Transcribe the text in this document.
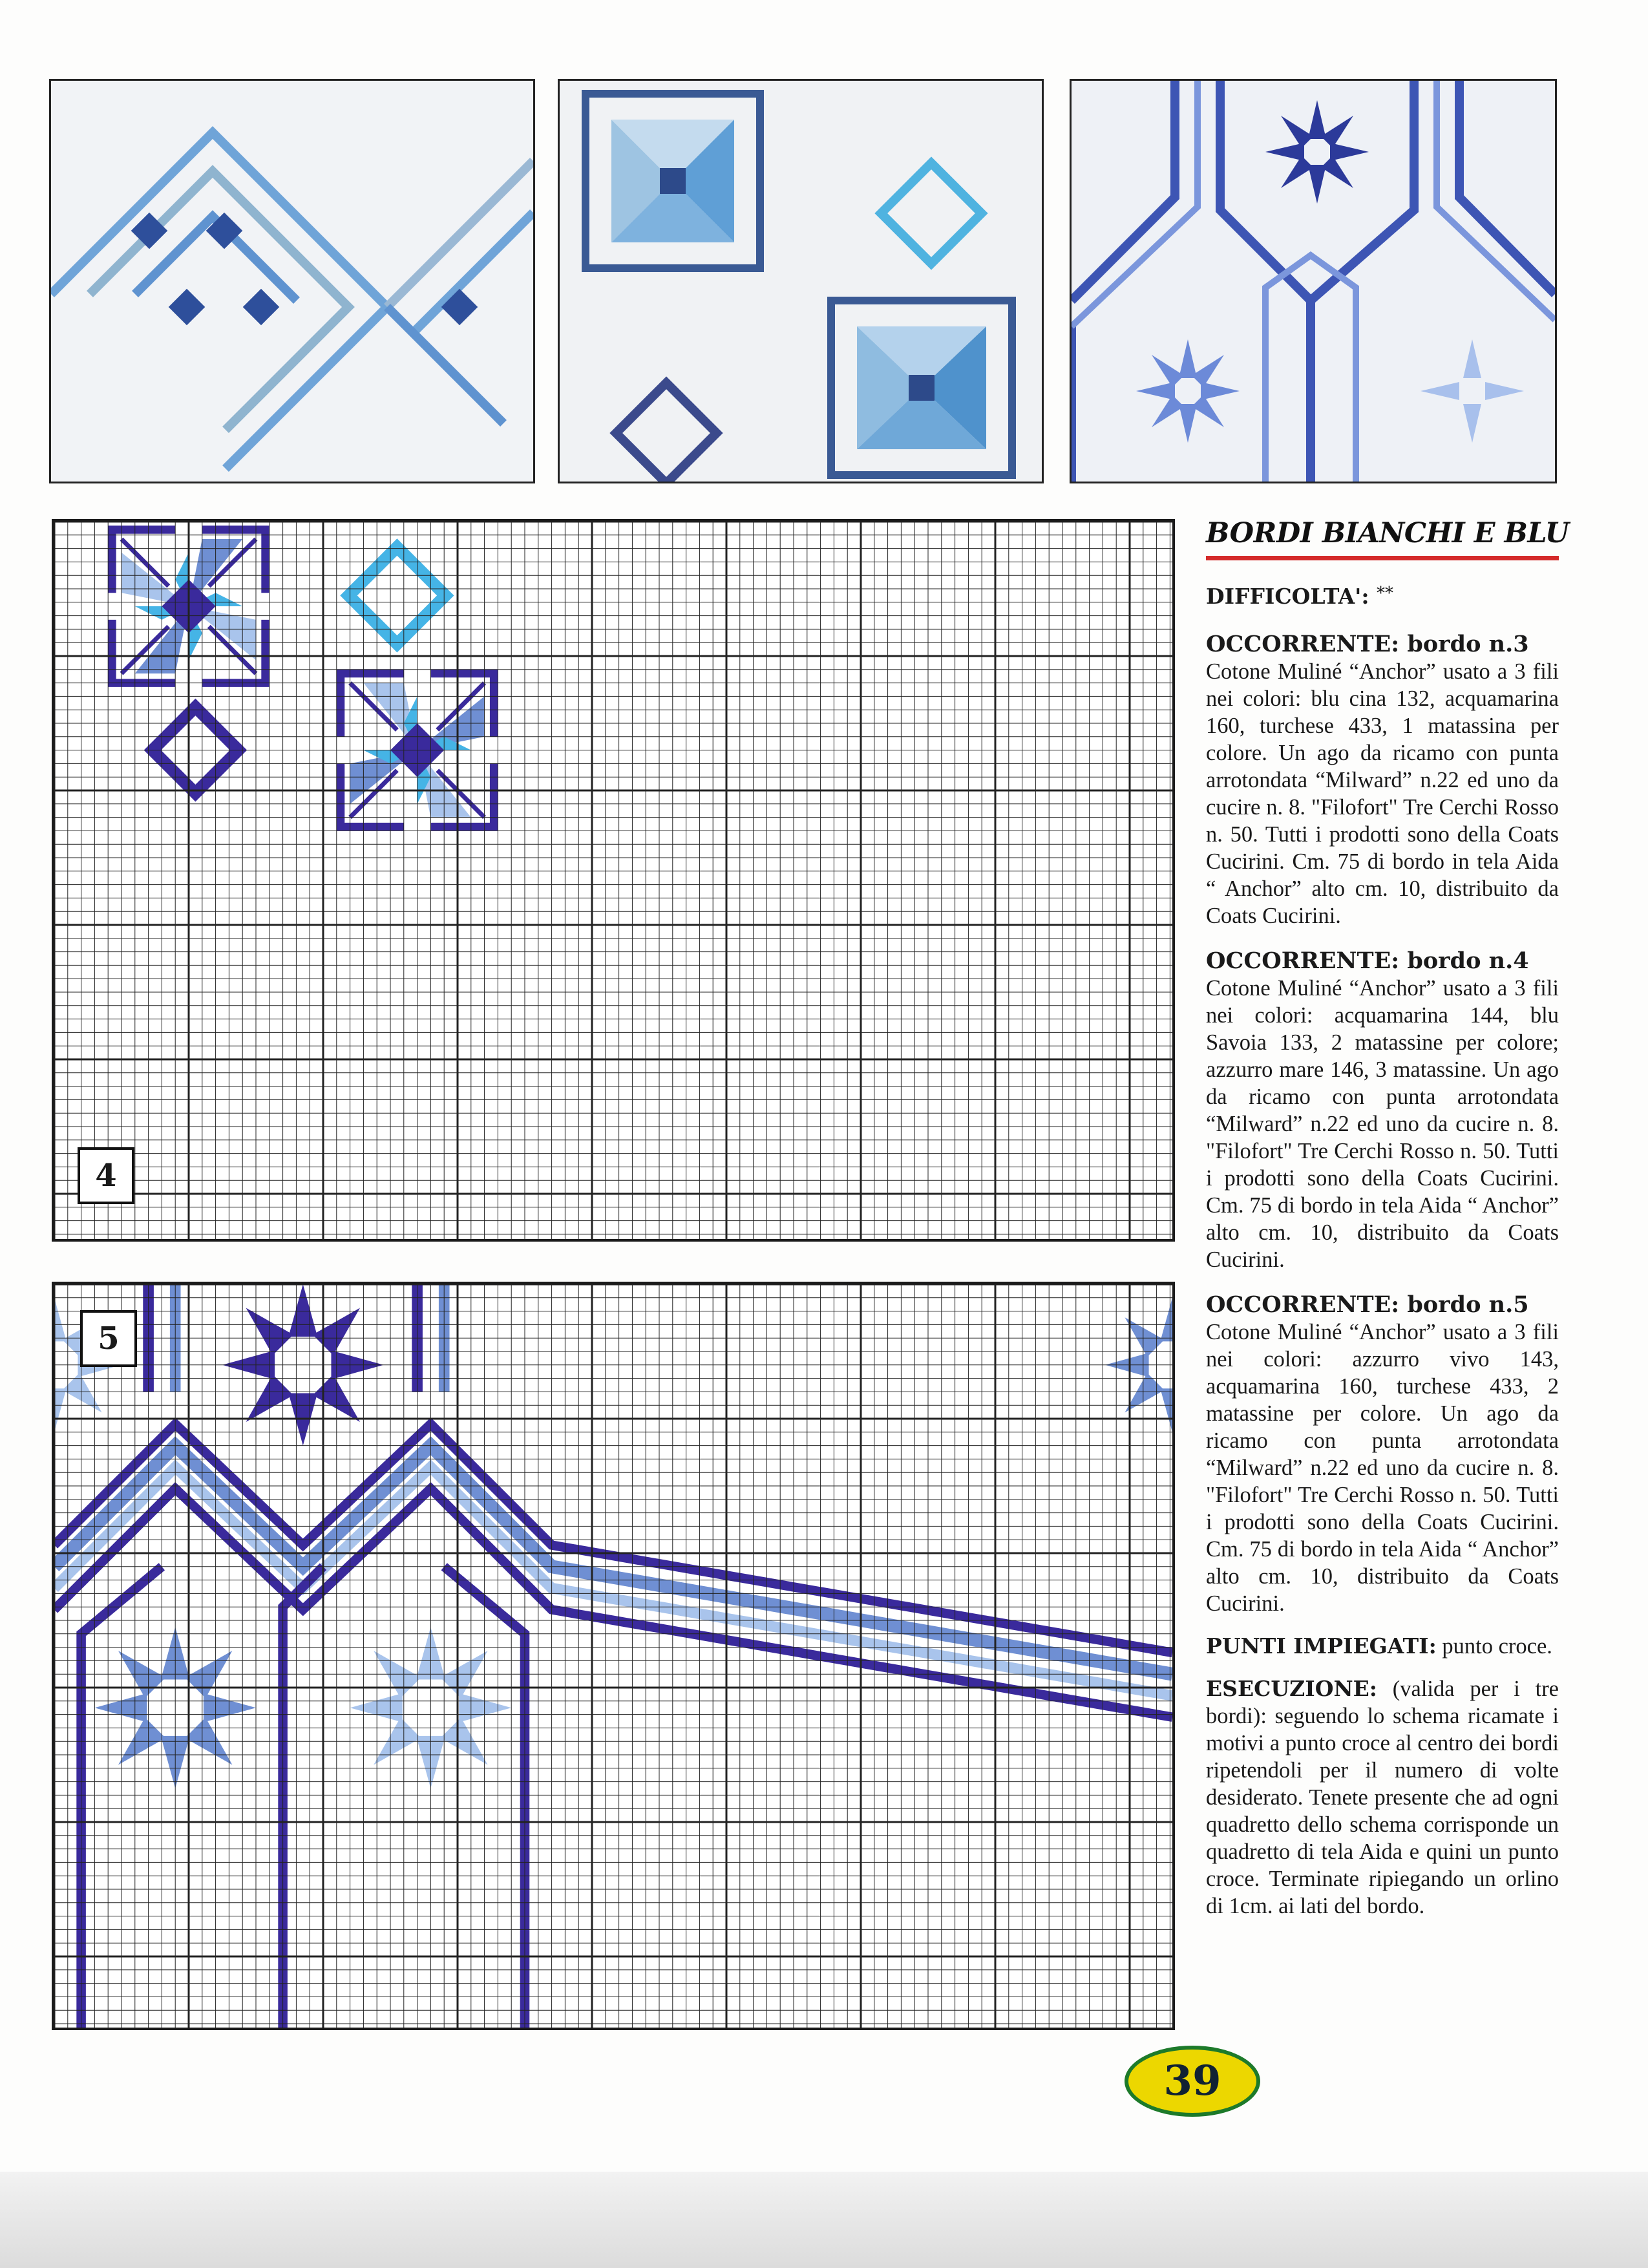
4
5
BORDI BIANCHI E BLU
DIFFICOLTA': **
OCCORRENTE: bordo n.3
Cotone Muliné “Anchor” usato a 3 fili nei colori: blu cina 132, acquamarina 160, turchese 433, 1 matassina per colore. Un ago da ricamo con punta arrotondata “Milward” n.22 ed uno da cucire n. 8. "Filofort" Tre Cerchi Rosso n. 50. Tutti i prodotti sono della Coats Cucirini. Cm. 75 di bordo in tela Aida “ Anchor” alto cm. 10, distribuito da Coats Cucirini.
OCCORRENTE: bordo n.4
Cotone Muliné “Anchor” usato a 3 fili nei colori: acquamarina 144, blu Savoia 133, 2 matassine per colore; azzurro mare 146, 3 matassine. Un ago da ricamo con punta arrotondata “Milward” n.22 ed uno da cucire n. 8. "Filofort" Tre Cerchi Rosso n. 50. Tutti i prodotti sono della Coats Cucirini. Cm. 75 di bordo in tela Aida “ Anchor” alto cm. 10, distribuito da Coats Cucirini.
OCCORRENTE: bordo n.5
Cotone Muliné “Anchor” usato a 3 fili nei colori: azzurro vivo 143, acquamarina 160, turchese 433, 2 matassine per colore. Un ago da ricamo con punta arrotondata “Milward” n.22 ed uno da cucire n. 8. "Filofort" Tre Cerchi Rosso n. 50. Tutti i prodotti sono della Coats Cucirini. Cm. 75 di bordo in tela Aida “ Anchor” alto cm. 10, distribuito da Coats Cucirini.
PUNTI IMPIEGATI: punto croce.
ESECUZIONE: (valida per i tre bordi): seguendo lo schema ricamate i motivi a punto croce al centro dei bordi ripetendoli per il numero di volte desiderato. Tenete presente che ad ogni quadretto dello schema corrisponde un quadretto di tela Aida e quini un punto croce. Terminate ripiegando un orlino di 1cm. ai lati del bordo.
39
